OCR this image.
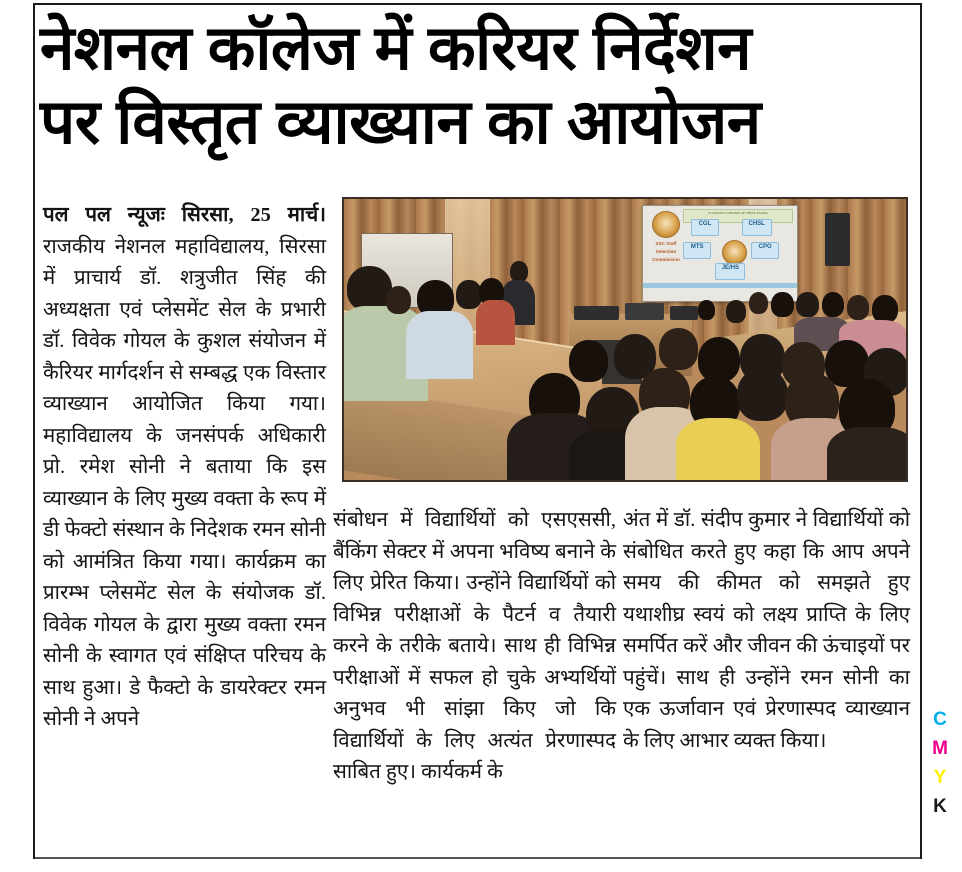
नेशनल कॉलेज में करियर निर्देशन
पर विस्तृत व्याख्यान का आयोजन
IT MAINLY CONSISTS OF THESE EXAMS
SSC Staff Selection Commission
CGL	CHSL
MTS	CPO
JE/HS

पल पल न्यूजः सिरसा, 25 मार्च। राजकीय नेशनल महाविद्यालय, सिरसा में प्राचार्य डॉ. शत्रुजीत सिंह की अध्यक्षता एवं प्लेसमेंट सेल के प्रभारी डॉ. विवेक गोयल के कुशल संयोजन में कैरियर मार्गदर्शन से सम्बद्ध एक विस्तार व्याख्यान आयोजित किया गया। महाविद्यालय के जनसंपर्क अधिकारी प्रो. रमेश सोनी ने बताया कि इस व्याख्यान के लिए मुख्य वक्ता के रूप में डी फेक्टो संस्थान के निदेशक रमन सोनी को आमंत्रित किया गया। कार्यक्रम का प्रारम्भ प्लेसमेंट सेल के संयोजक डॉ. विवेक गोयल के द्वारा मुख्य वक्ता रमन सोनी के स्वागत एवं संक्षिप्त परिचय के साथ हुआ। डे फैक्टो के डायरेक्टर रमन सोनी ने अपने

संबोधन में विद्यार्थियों को एसएससी, बैंकिंग सेक्टर में अपना भविष्य बनाने के लिए प्रेरित किया। उन्होंने विद्यार्थियों को विभिन्न परीक्षाओं के पैटर्न व तैयारी करने के तरीके बताये। साथ ही विभिन्न परीक्षाओं में सफल हो चुके अभ्यर्थियों अनुभव भी सांझा किए जो कि विद्यार्थियों के लिए अत्यंत प्रेरणास्पद साबित हुए। कार्यकर्म के

अंत में डॉ. संदीप कुमार ने विद्यार्थियों को संबोधित करते हुए कहा कि आप अपने समय की कीमत को समझते हुए यथाशीघ्र स्वयं को लक्ष्य प्राप्ति के लिए समर्पित करें और जीवन की ऊंचाइयों पर पहुंचें। साथ ही उन्होंने रमन सोनी का एक ऊर्जावान एवं प्रेरणास्पद व्याख्यान के लिए आभार व्यक्त किया।

C
M
Y
K
